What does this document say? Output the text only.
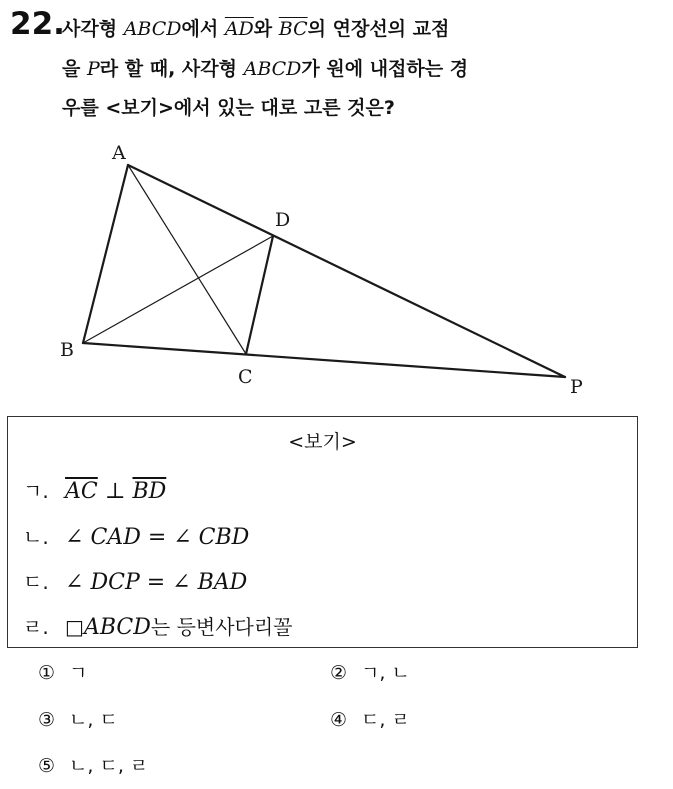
22.
사각형 ABCD에서 $\overline{AD}$와 $\overline{BC}$의 연장선의 교점
을 P라 할 때, 사각형 ABCD가 원에 내접하는 경
우를 <보기>에서 있는 대로 고른 것은?
A
B
C
D
P
<보기>
ㄱ. $\overline{AC}$ ⊥ $\overline{BD}$
ㄴ. ∠ CAD = ∠ CBD
ㄷ. ∠ DCP = ∠ BAD
ㄹ. □ABCD는 등변사다리꼴
① ㄱ	② ㄱ, ㄴ
③ ㄴ, ㄷ	④ ㄷ, ㄹ
⑤ ㄴ, ㄷ, ㄹ
